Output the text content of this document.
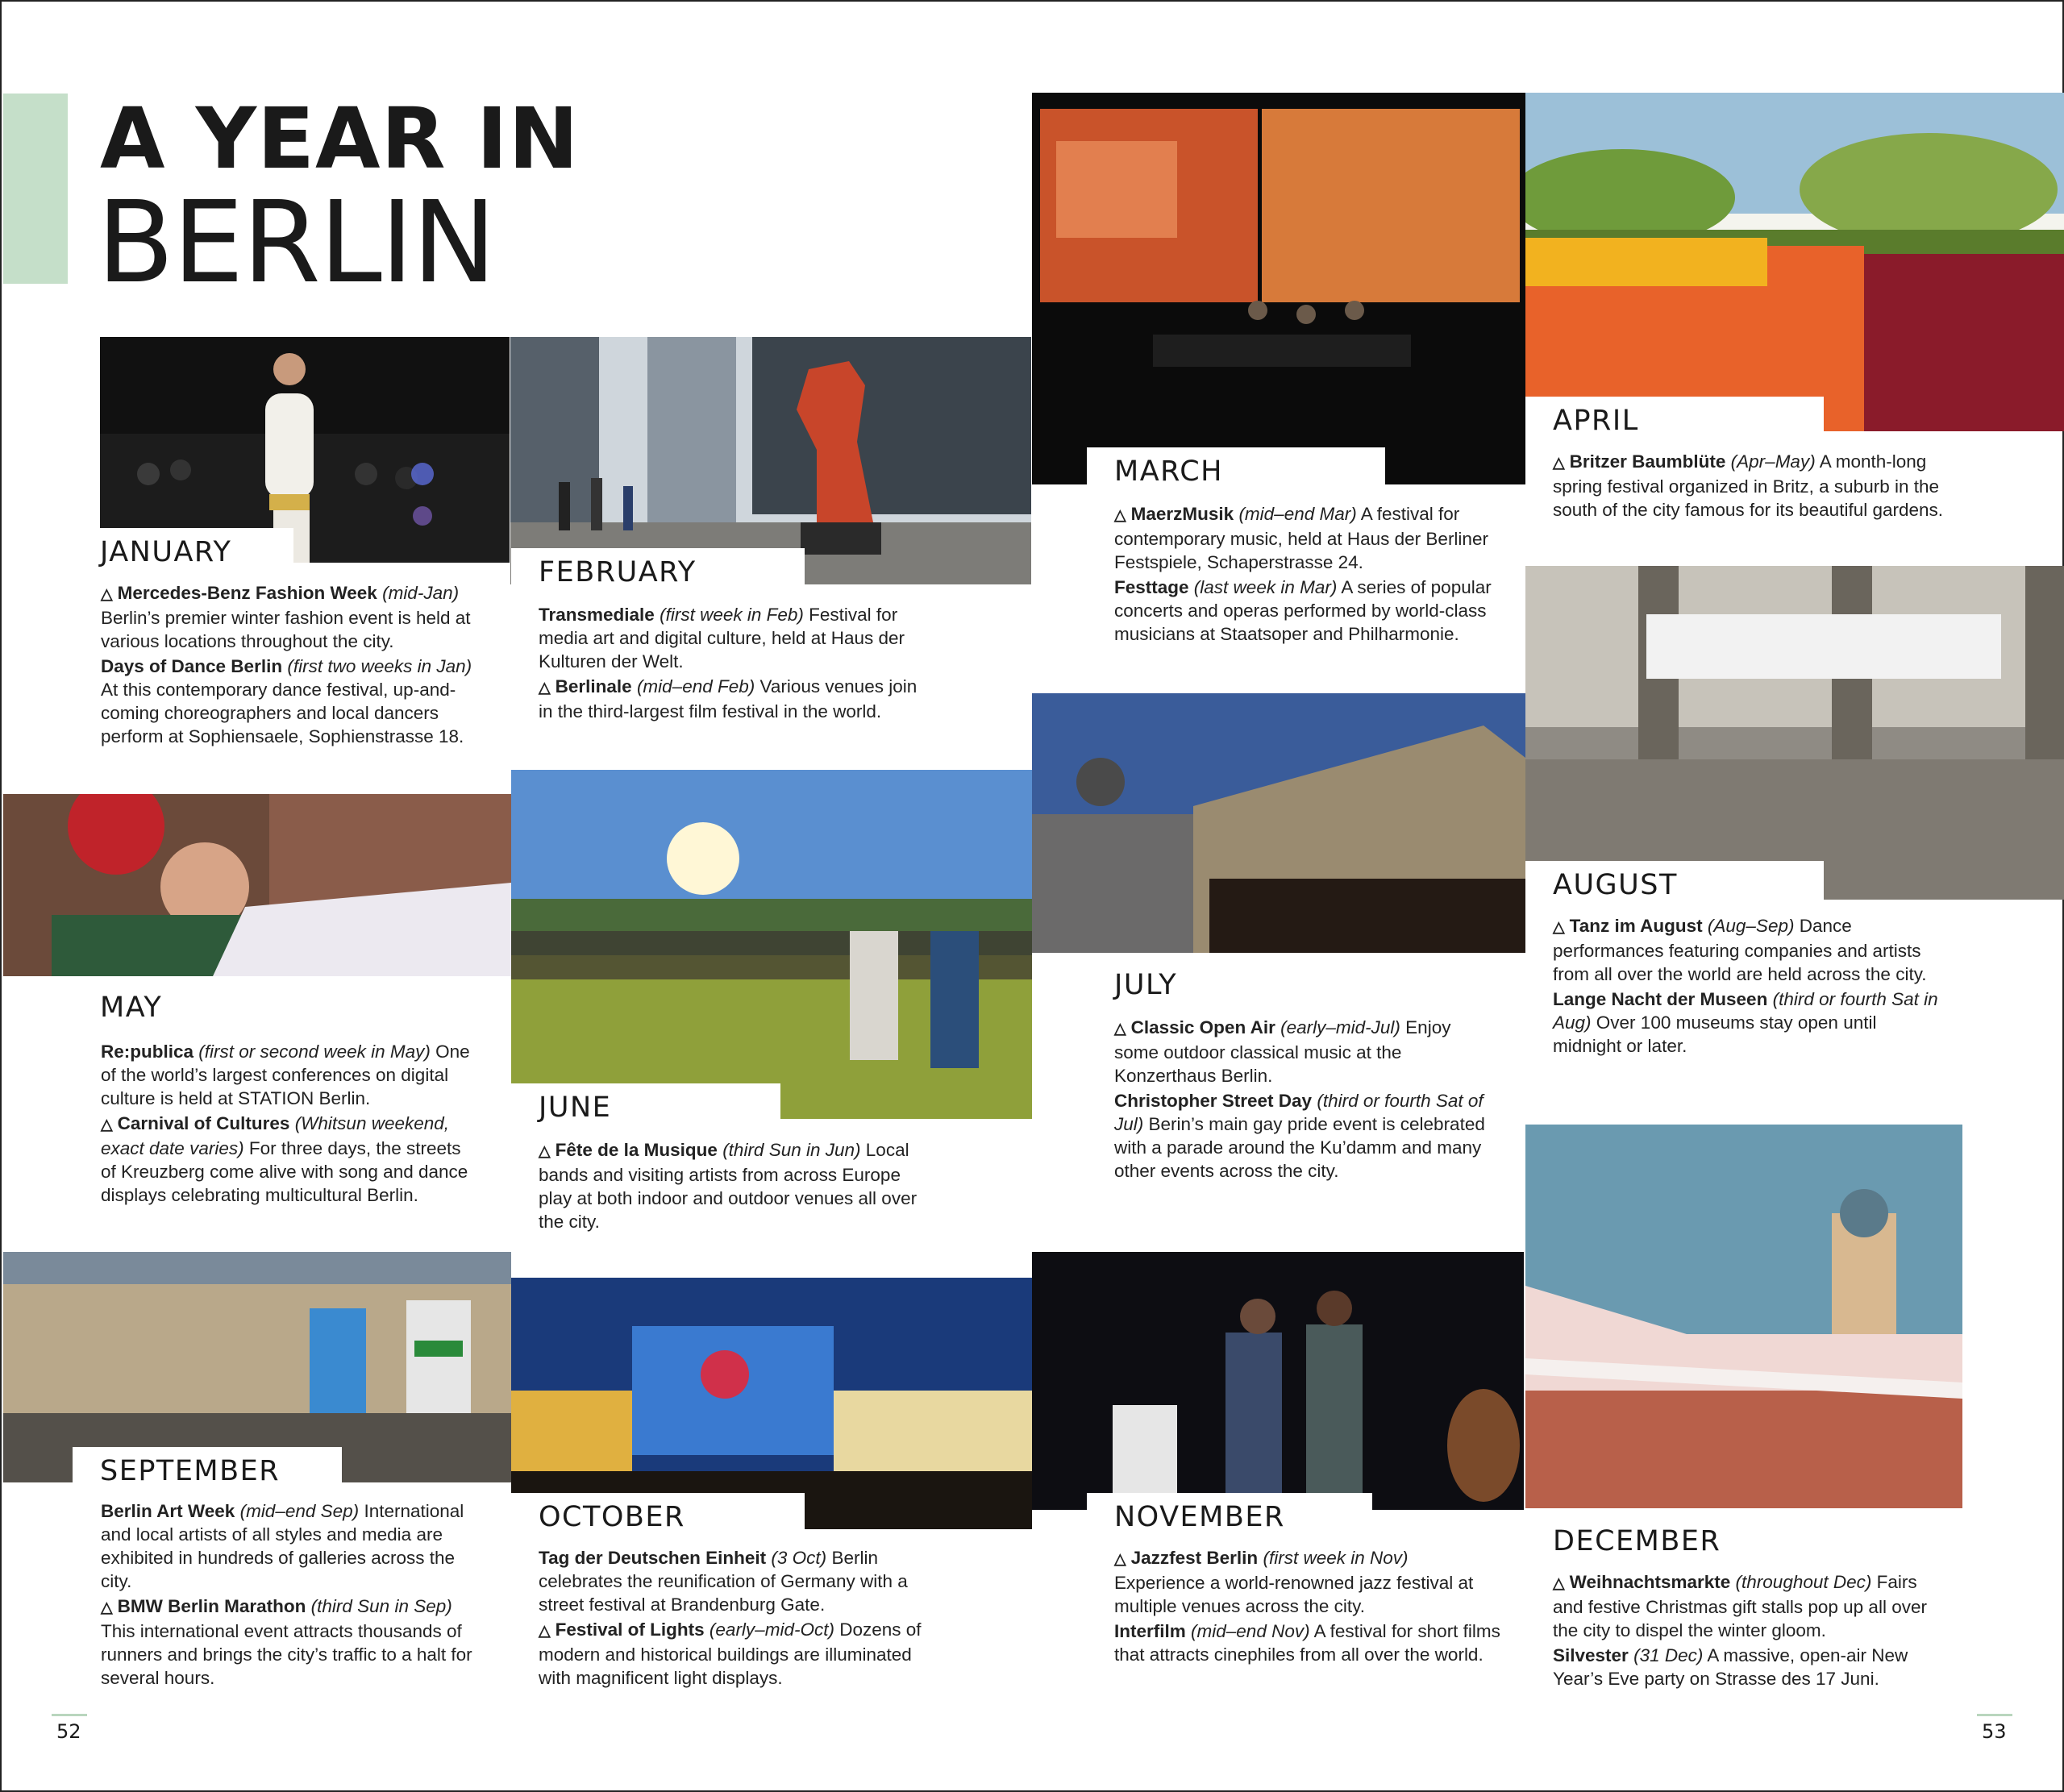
A YEAR IN
BERLIN
JANUARY
FEBRUARY
MARCH
APRIL
MAY
JUNE
JULY
AUGUST
SEPTEMBER
OCTOBER	NOVEMBER
DECEMBER

△ Mercedes-Benz Fashion Week (mid-Jan) Berlin’s premier winter fashion event is held at various locations throughout the city.

Days of Dance Berlin (first two weeks in Jan) At this contemporary dance festival, up-and-coming choreographers and local dancers perform at Sophiensaele, Sophienstrasse 18.

Transmediale (first week in Feb) Festival for media art and digital culture, held at Haus der Kulturen der Welt.

△ Berlinale (mid–end Feb) Various venues join in the third-largest film festival in the world.

△ MaerzMusik (mid–end Mar) A festival for contemporary music, held at Haus der Berliner Festspiele, Schaperstrasse 24.

Festtage (last week in Mar) A series of popular concerts and operas performed by world-class musicians at Staatsoper and Philharmonie.

△ Britzer Baumblüte (Apr–May) A month-long spring festival organized in Britz, a suburb in the south of the city famous for its beautiful gardens.

Re:publica (first or second week in May) One of the world’s largest conferences on digital culture is held at STATION Berlin.

△ Carnival of Cultures (Whitsun weekend, exact date varies) For three days, the streets of Kreuzberg come alive with song and dance displays celebrating multicultural Berlin.

△ Fête de la Musique (third Sun in Jun) Local bands and visiting artists from across Europe play at both indoor and outdoor venues all over the city.

△ Classic Open Air (early–mid-Jul) Enjoy some outdoor classical music at the Konzerthaus Berlin.

Christopher Street Day (third or fourth Sat of Jul) Berin’s main gay pride event is celebrated with a parade around the Ku’damm and many other events across the city.

△ Tanz im August (Aug–Sep) Dance performances featuring companies and artists from all over the world are held across the city.

Lange Nacht der Museen (third or fourth Sat in Aug) Over 100 museums stay open until midnight or later.

Berlin Art Week (mid–end Sep) International and local artists of all styles and media are exhibited in hundreds of galleries across the city.

△ BMW Berlin Marathon (third Sun in Sep) This international event attracts thousands of runners and brings the city’s traffic to a halt for several hours.

Tag der Deutschen Einheit (3 Oct) Berlin celebrates the reunification of Germany with a street festival at Brandenburg Gate.

△ Festival of Lights (early–mid-Oct) Dozens of modern and historical buildings are illuminated with magnificent light displays.

△ Jazzfest Berlin (first week in Nov) Experience a world-renowned jazz festival at multiple venues across the city.

Interfilm (mid–end Nov) A festival for short films that attracts cinephiles from all over the world.

△ Weihnachtsmarkte (throughout Dec) Fairs and festive Christmas gift stalls pop up all over the city to dispel the winter gloom.

Silvester (31 Dec) A massive, open-air New Year’s Eve party on Strasse des 17 Juni.

52	53
